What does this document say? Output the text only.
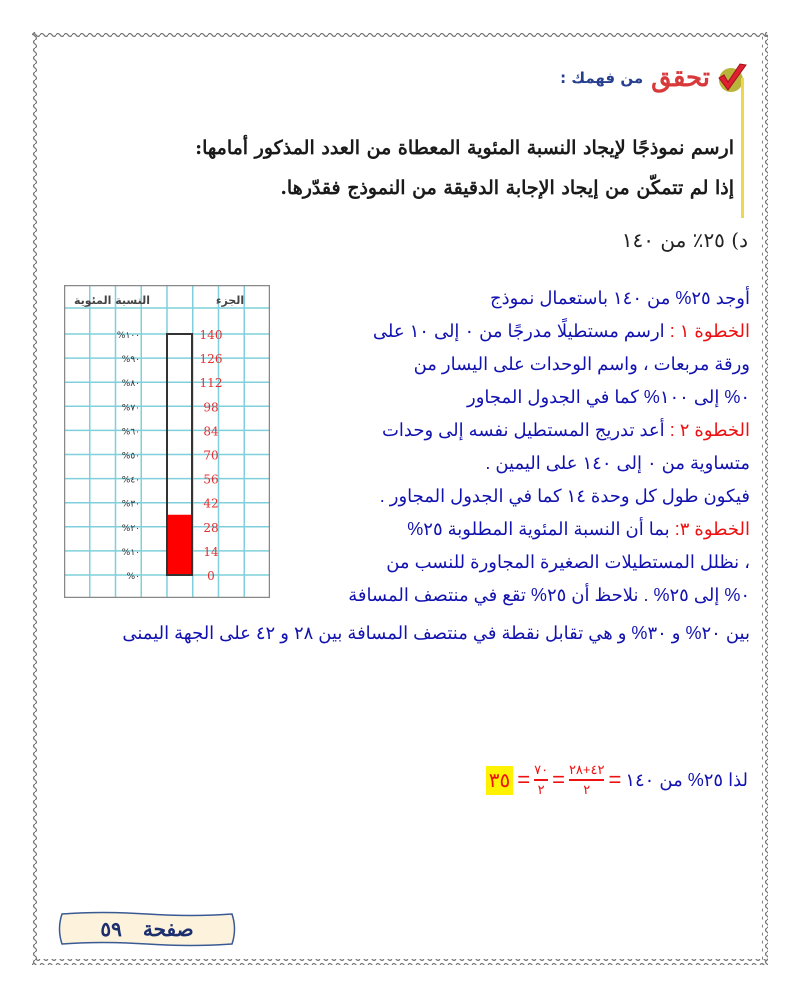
تحقق
من فهمك :
ارسم نموذجًا لإيجاد النسبة المئوية المعطاة من العدد المذكور أمامها:
إذا لم تتمكّن من إيجاد الإجابة الدقيقة من النموذج فقدّرها.
د) ٢٥٪ من ١٤٠
النسبة المئوية	الجزء
%١٠٠	140
%٩٠	126
%٨٠	112
%٧٠	98
%٦٠	84
%٥٠	70
%٤٠	56
%٣٠	42
%٢٠	28
%١٠	14
%٠	0
أوجد ٢٥% من ١٤٠ باستعمال نموذج
الخطوة ١ : ارسم مستطيلًا مدرجًا من ٠ إلى ١٠ على
ورقة مربعات ، واسم الوحدات على اليسار من
٠% إلى ١٠٠% كما في الجدول المجاور
الخطوة ٢ : أعد تدريج المستطيل نفسه إلى وحدات
متساوية من ٠ إلى ١٤٠ على اليمين .
فيكون طول كل وحدة ١٤ كما في الجدول المجاور .
الخطوة ٣: بما أن النسبة المئوية المطلوبة ٢٥%
، نظلل المستطيلات الصغيرة المجاورة للنسب من
٠% إلى ٢٥% . نلاحظ أن ٢٥% تقع في منتصف المسافة
بين ٢٠% و ٣٠% و هي تقابل نقطة في منتصف المسافة بين ٢٨ و ٤٢ على الجهة اليمنى
لذا ٢٥% من ١٤٠
=
$\frac{٤٢+٢٨}{٢}$
=
$\frac{٧٠}{٢}$
=
٣٥
صفحة ٥٩
